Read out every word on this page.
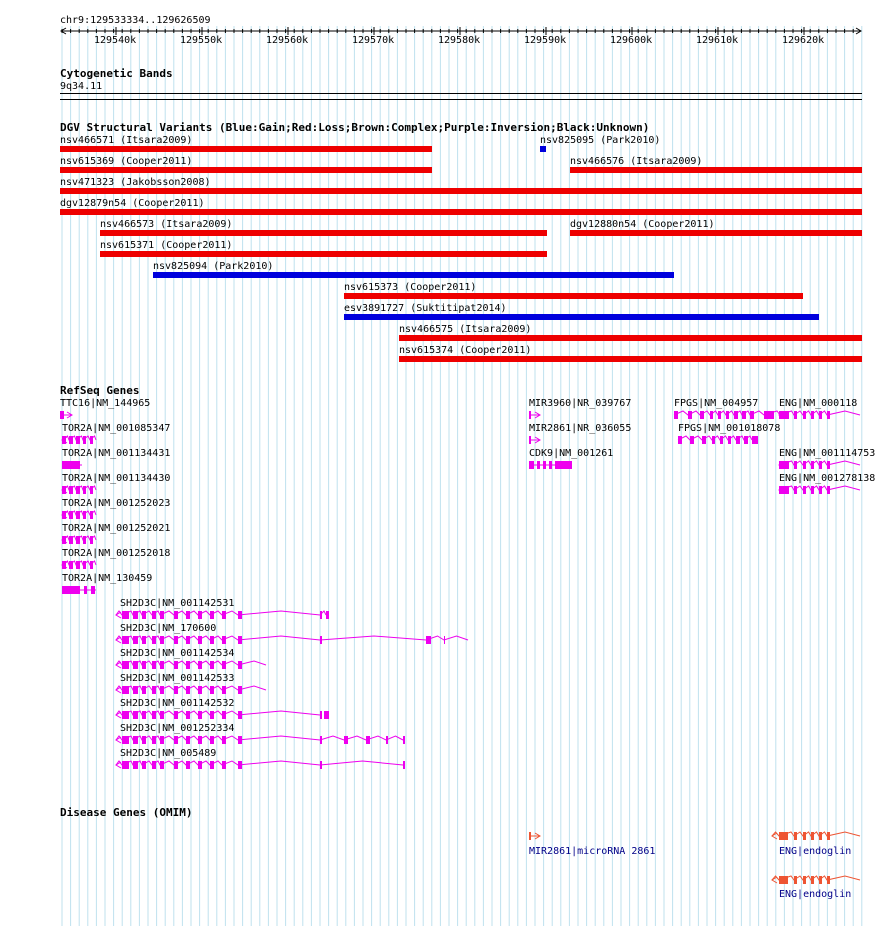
chr9:129533334..129626509
129540k	129550k	129560k	129570k	129580k	129590k	129600k	129610k	129620k
Cytogenetic Bands
9q34.11
DGV Structural Variants (Blue:Gain;Red:Loss;Brown:Complex;Purple:Inversion;Black:Unknown)
nsv466571 (Itsara2009)	nsv825095 (Park2010)
nsv615369 (Cooper2011)	nsv466576 (Itsara2009)
nsv471323 (Jakobsson2008)
dgv12879n54 (Cooper2011)
nsv466573 (Itsara2009)	dgv12880n54 (Cooper2011)
nsv615371 (Cooper2011)
nsv825094 (Park2010)
nsv615373 (Cooper2011)
esv3891727 (Suktitipat2014)
nsv466575 (Itsara2009)
nsv615374 (Cooper2011)
RefSeq Genes
TTC16|NM_144965
TOR2A|NM_001085347
TOR2A|NM_001134431
TOR2A|NM_001134430
TOR2A|NM_001252023
TOR2A|NM_001252021
TOR2A|NM_001252018
TOR2A|NM_130459
SH2D3C|NM_001142531
SH2D3C|NM_170600
SH2D3C|NM_001142534
SH2D3C|NM_001142533
SH2D3C|NM_001142532
SH2D3C|NM_001252334
SH2D3C|NM_005489
MIR3960|NR_039767
MIR2861|NR_036055
CDK9|NM_001261
FPGS|NM_004957
FPGS|NM_001018078
ENG|NM_000118
ENG|NM_001114753
ENG|NM_001278138
Disease Genes (OMIM)
MIR2861|microRNA 2861	ENG|endoglin
ENG|endoglin
